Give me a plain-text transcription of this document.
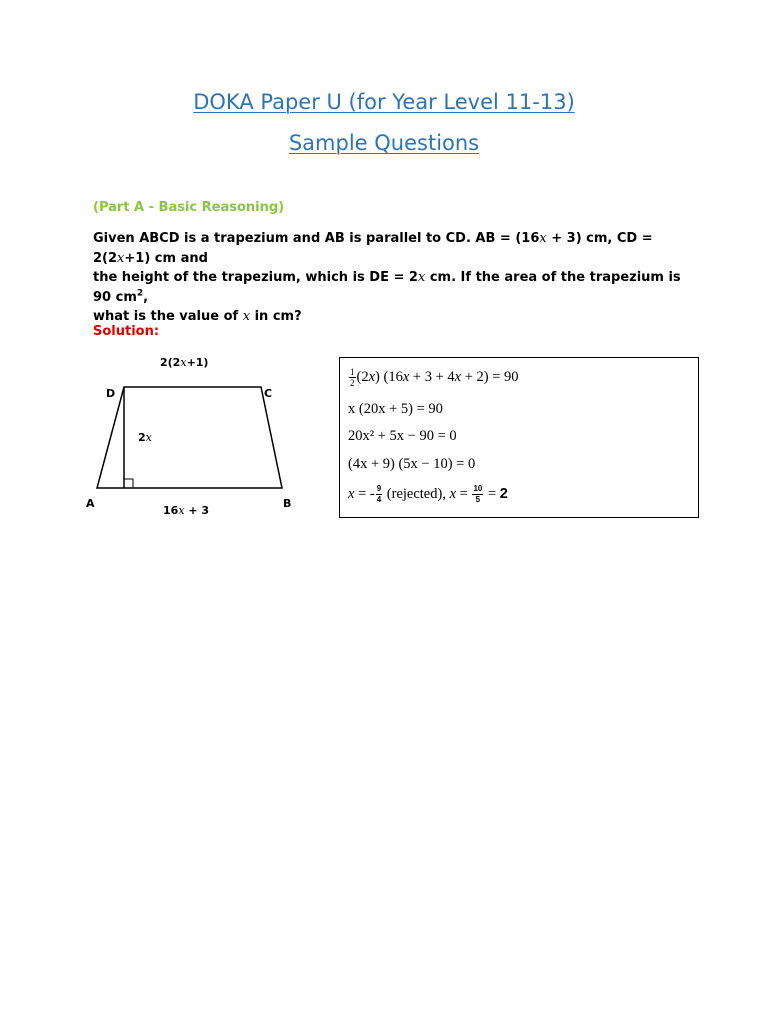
DOKA Paper U (for Year Level 11-13)
Sample Questions
(Part A - Basic Reasoning)
Given ABCD is a trapezium and AB is parallel to CD. AB = (16x + 3) cm, CD = 2(2x+1) cm and
the height of the trapezium, which is DE = 2x cm. If the area of the trapezium is 90 $cm^2$,
what is the value of x in cm?
Solution:
2(2x+1)
D	C
2x
A	B
16x + 3
$\frac{1}{2} (2x) (16x + 3 + 4x + 2) = 90$
x (20x + 5) = 90
20x² + 5x − 90 = 0
(4x + 9) (5x − 10) = 0
x = - $\frac{9}{4}$ (rejected), $x = \frac{10}{5} = 2$
